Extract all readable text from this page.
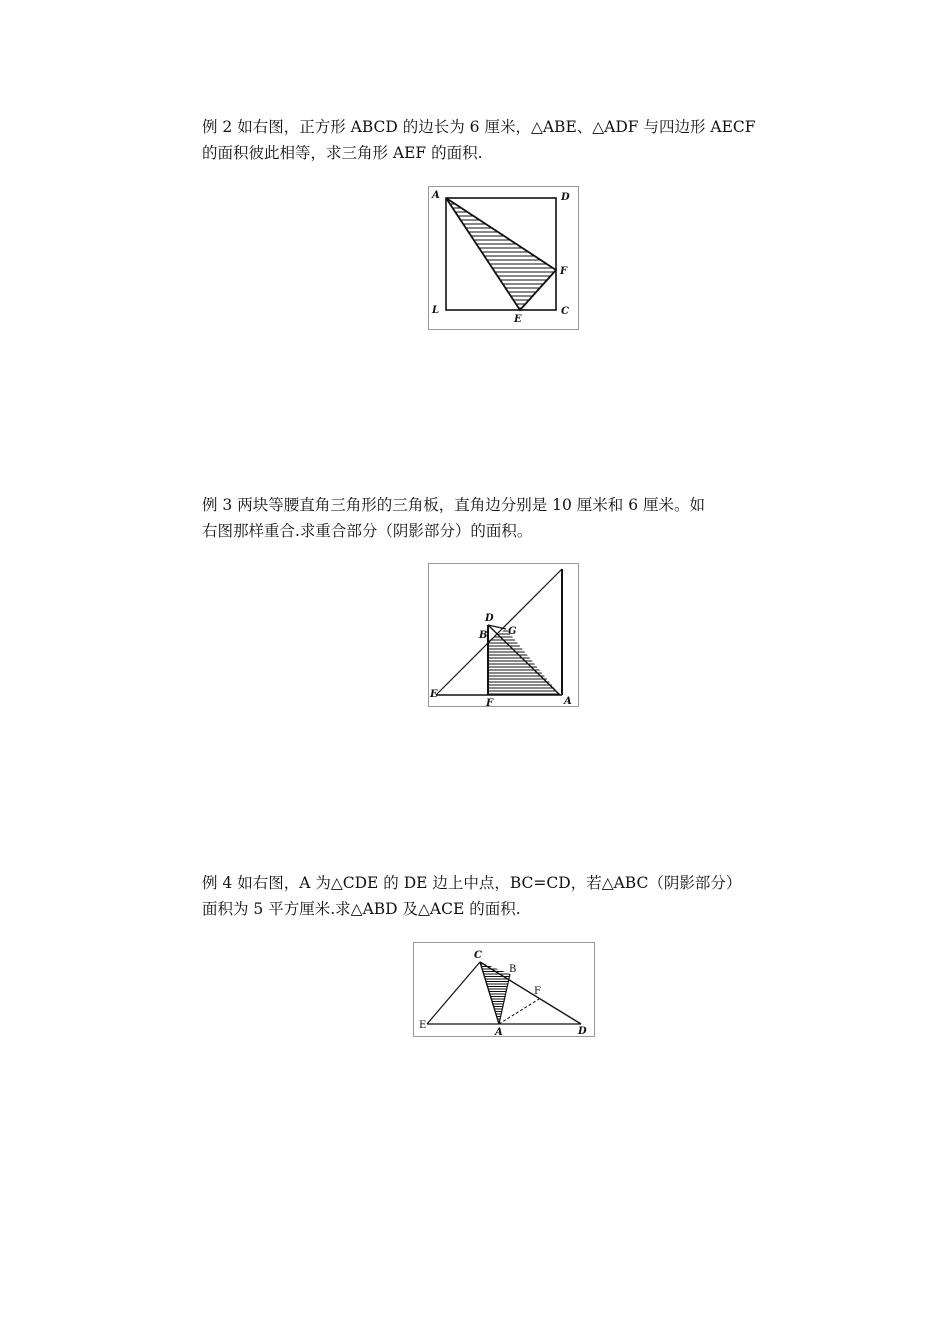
例 2 如右图，正方形 ABCD 的边长为 6 厘米，△ABE、△ADF 与四边形 AECF
的面积彼此相等，求三角形 AEF 的面积.

A	D
F
L
E
C

例 3 两块等腰直角三角形的三角板，直角边分别是 10 厘米和 6 厘米。如
右图那样重合.求重合部分（阴影部分）的面积。

D
B G
E
F	A

例 4 如右图，A 为△CDE 的 DE 边上中点，BC=CD，若△ABC（阴影部分）
面积为 5 平方厘米.求△ABD 及△ACE 的面积.

C
B
F
E
A	D
